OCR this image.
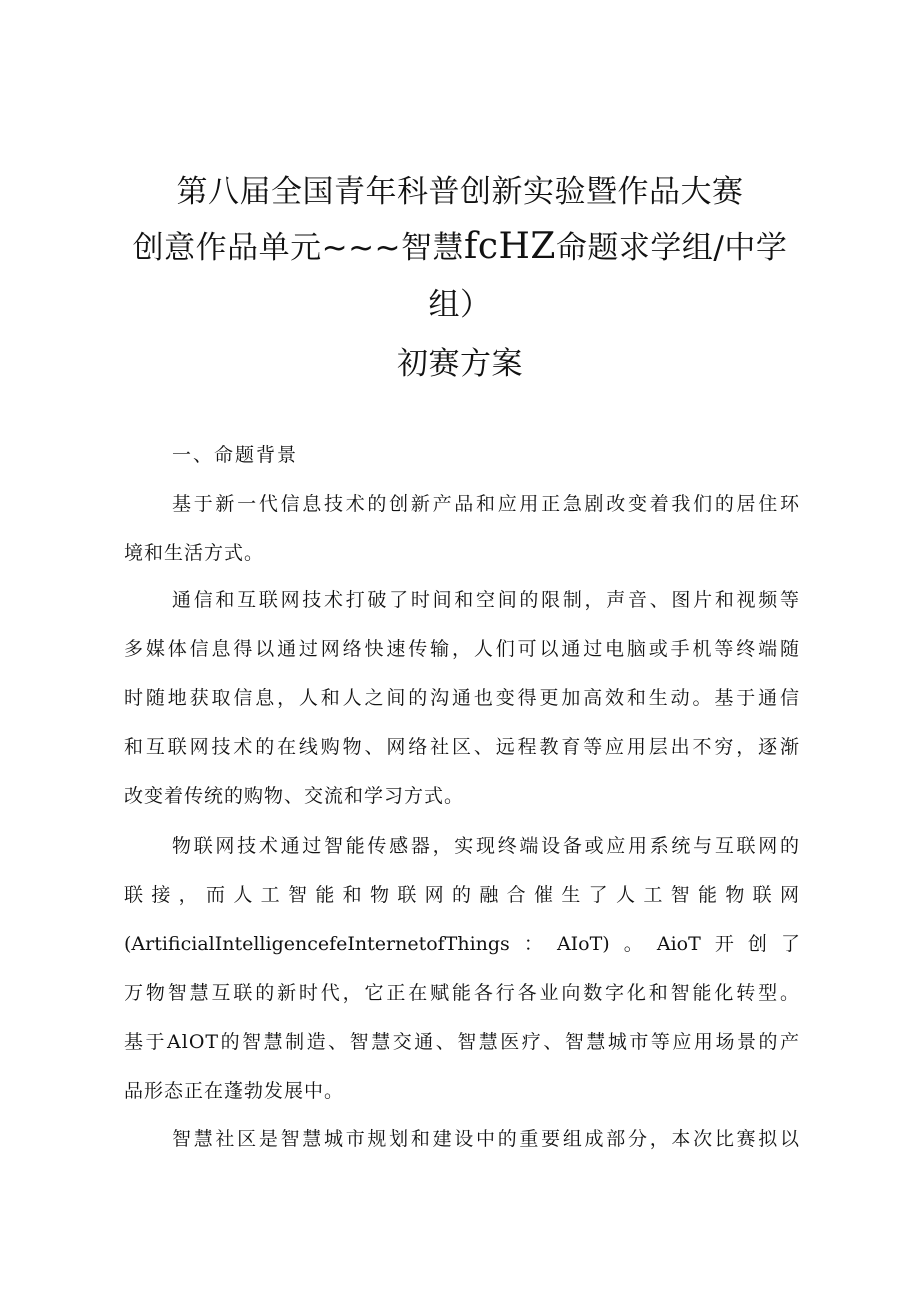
第八届全国青年科普创新实验暨作品大赛
创意作品单元~~~智慧fcHZ命题求学组/中学
组）
初赛方案
一、命题背景
基于新一代信息技术的创新产品和应用正急剧改变着我们的居住环
境和生活方式。
通信和互联网技术打破了时间和空间的限制，声音、图片和视频等
多媒体信息得以通过网络快速传输，人们可以通过电脑或手机等终端随
时随地获取信息，人和人之间的沟通也变得更加高效和生动。基于通信
和互联网技术的在线购物、网络社区、远程教育等应用层出不穷，逐渐
改变着传统的购物、交流和学习方式。
物联网技术通过智能传感器，实现终端设备或应用系统与互联网的
联接，而人工智能和物联网的融合催生了人工智能物联网
(ArtificialIntelligencefeInternetofThings：AIoT)。AioT开创了
万物智慧互联的新时代，它正在赋能各行各业向数字化和智能化转型。
基于AlOT的智慧制造、智慧交通、智慧医疗、智慧城市等应用场景的产
品形态正在蓬勃发展中。
智慧社区是智慧城市规划和建设中的重要组成部分，本次比赛拟以
